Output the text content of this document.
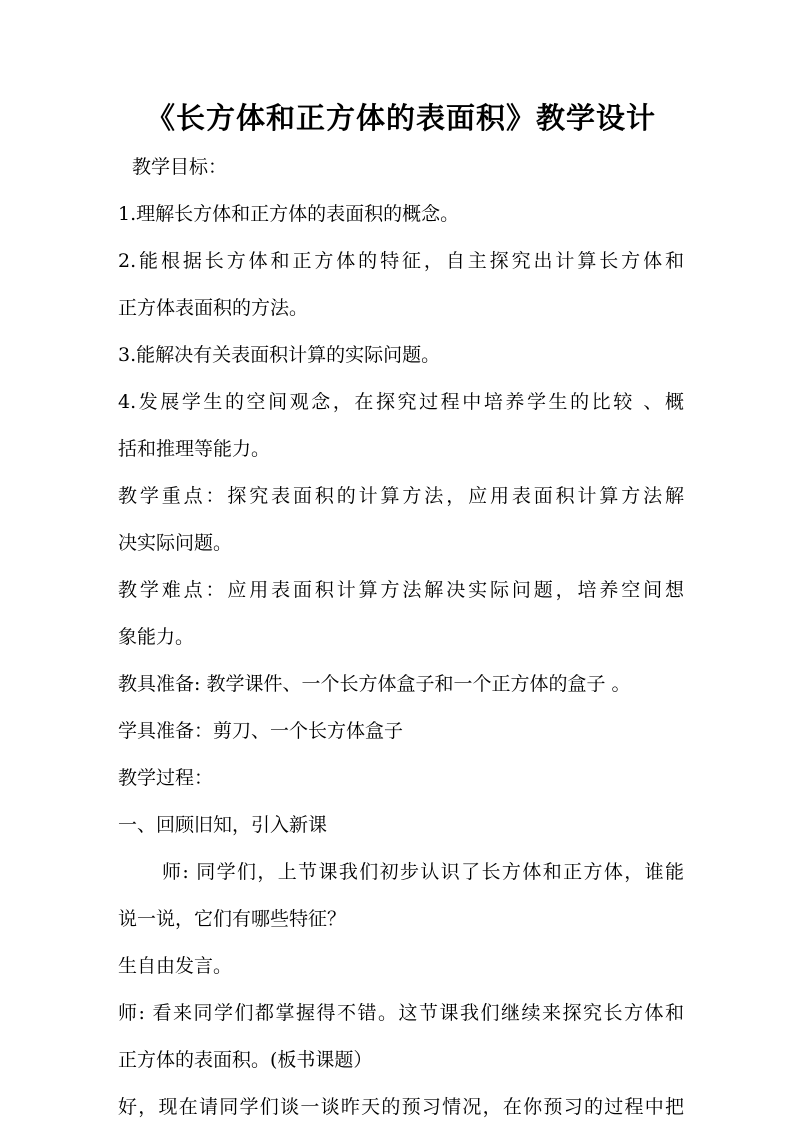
《长方体和正方体的表面积》教学设计

教学目标：

1.理解长方体和正方体的表面积的概念。

2.能根据长方体和正方体的特征，自主探究出计算长方体和

正方体表面积的方法。

3.能解决有关表面积计算的实际问题。

4.发展学生的空间观念，在探究过程中培养学生的比较 、概

括和推理等能力。

教学重点：探究表面积的计算方法，应用表面积计算方法解

决实际问题。

教学难点：应用表面积计算方法解决实际问题，培养空间想

象能力。

教具准备: 教学课件、一个长方体盒子和一个正方体的盒子 。

学具准备：剪刀、一个长方体盒子

教学过程：

一、回顾旧知，引入新课

师: 同学们，上节课我们初步认识了长方体和正方体，谁能

说一说，它们有哪些特征？

生自由发言。

师: 看来同学们都掌握得不错。这节课我们继续来探究长方体和

正方体的表面积。(板书课题）

好，现在请同学们谈一谈昨天的预习情况，在你预习的过程中把
